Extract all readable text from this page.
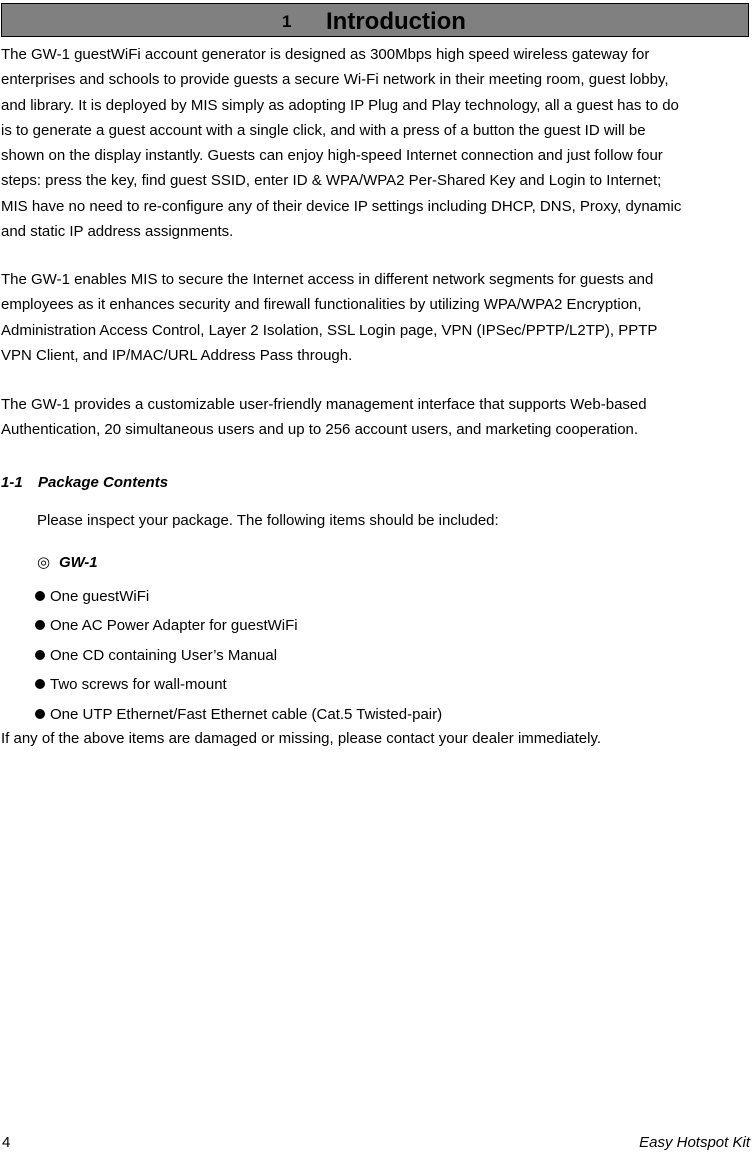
1 Introduction

The GW-1 guestWiFi account generator is designed as 300Mbps high speed wireless gateway for
enterprises and schools to provide guests a secure Wi-Fi network in their meeting room, guest lobby,
and library. It is deployed by MIS simply as adopting IP Plug and Play technology, all a guest has to do
is to generate a guest account with a single click, and with a press of a button the guest ID will be
shown on the display instantly. Guests can enjoy high-speed Internet connection and just follow four
steps: press the key, find guest SSID, enter ID & WPA/WPA2 Per-Shared Key and Login to Internet;
MIS have no need to re-configure any of their device IP settings including DHCP, DNS, Proxy, dynamic
and static IP address assignments.

The GW-1 enables MIS to secure the Internet access in different network segments for guests and
employees as it enhances security and firewall functionalities by utilizing WPA/WPA2 Encryption,
Administration Access Control, Layer 2 Isolation, SSL Login page, VPN (IPSec/PPTP/L2TP), PPTP
VPN Client, and IP/MAC/URL Address Pass through.

The GW-1 provides a customizable user-friendly management interface that supports Web-based
Authentication, 20 simultaneous users and up to 256 account users, and marketing cooperation.

1-1 Package Contents
Please inspect your package. The following items should be included:
◎ GW-1
One guestWiFi
One AC Power Adapter for guestWiFi
One CD containing User’s Manual
Two screws for wall-mount
One UTP Ethernet/Fast Ethernet cable (Cat.5 Twisted-pair)
If any of the above items are damaged or missing, please contact your dealer immediately.
4	Easy Hotspot Kit
